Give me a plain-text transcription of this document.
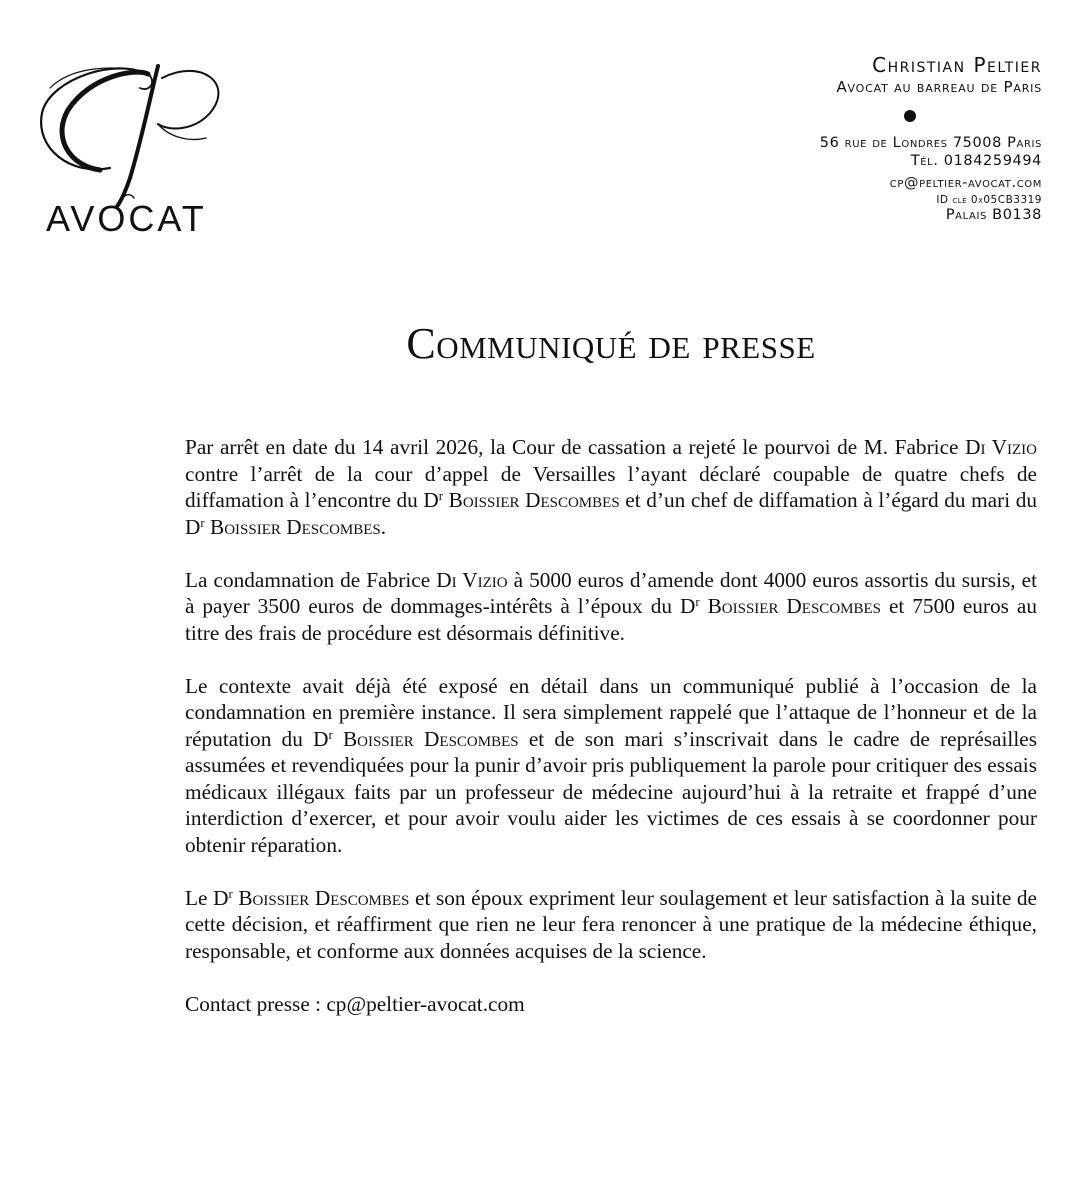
AVOCAT
Christian Peltier
Avocat au barreau de Paris
56 rue de Londres 75008 Paris
Tél. 0184259494
cp@peltier-avocat.com
ID clé 0x05CB3319
Palais B0138
Communiqué de presse

Par arrêt en date du 14 avril 2026, la Cour de cassation a rejeté le pourvoi de M. Fabrice Di Vizio contre l’arrêt de la cour d’appel de Versailles l’ayant déclaré coupable de quatre chefs de diffamation à l’encontre du $D^r$ Boissier Descombes et d’un chef de diffamation à l’égard du mari du $D^r$ Boissier Descombes.

La condamnation de Fabrice Di Vizio à 5000 euros d’amende dont 4000 euros assortis du sursis, et à payer 3500 euros de dommages-intérêts à l’époux du $D^r$ Boissier Descombes et 7500 euros au titre des frais de procédure est désormais définitive.

Le contexte avait déjà été exposé en détail dans un communiqué publié à l’occasion de la condamnation en première instance. Il sera simplement rappelé que l’attaque de l’honneur et de la réputation du $D^r$ Boissier Descombes et de son mari s’inscrivait dans le cadre de représailles assumées et revendiquées pour la punir d’avoir pris publiquement la parole pour critiquer des essais médicaux illégaux faits par un professeur de médecine aujourd’hui à la retraite et frappé d’une interdiction d’exercer, et pour avoir voulu aider les victimes de ces essais à se coordonner pour obtenir réparation.

Le $D^r$ Boissier Descombes et son époux expriment leur soulagement et leur satisfaction à la suite de cette décision, et réaffirment que rien ne leur fera renoncer à une pratique de la médecine éthique, responsable, et conforme aux données acquises de la science.

Contact presse : cp@peltier-avocat.com
